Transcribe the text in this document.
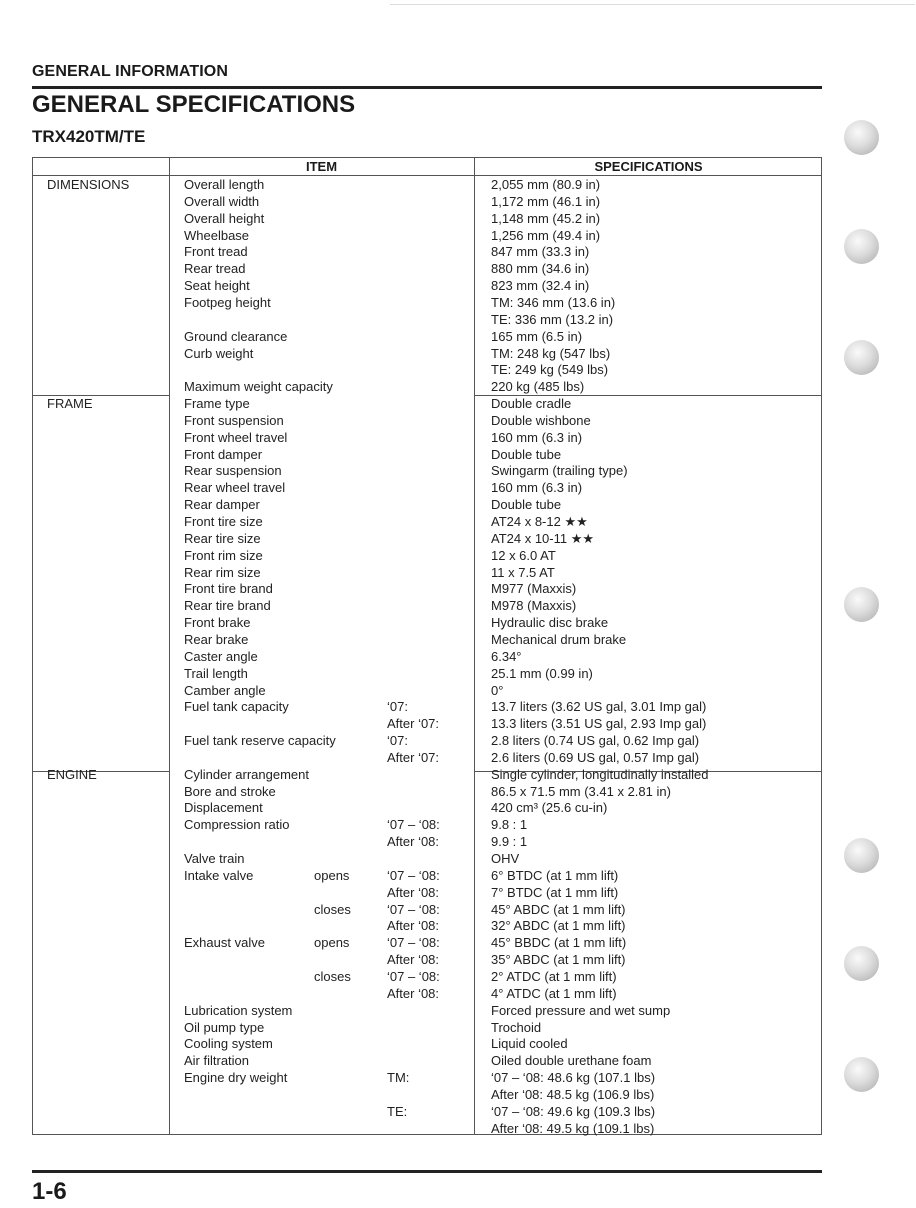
GENERAL INFORMATION
GENERAL SPECIFICATIONS
TRX420TM/TE
ITEM	SPECIFICATIONS
DIMENSIONS	Overall length	2,055 mm (80.9 in)
Overall width	1,172 mm (46.1 in)
Overall height	1,148 mm (45.2 in)
Wheelbase	1,256 mm (49.4 in)
Front tread	847 mm (33.3 in)
Rear tread	880 mm (34.6 in)
Seat height	823 mm (32.4 in)
Footpeg height	TM: 346 mm (13.6 in)
TE: 336 mm (13.2 in)
Ground clearance	165 mm (6.5 in)
Curb weight	TM: 248 kg (547 lbs)
TE: 249 kg (549 lbs)
Maximum weight capacity	220 kg (485 lbs)
FRAME	Frame type	Double cradle
Front suspension	Double wishbone
Front wheel travel	160 mm (6.3 in)
Front damper	Double tube
Rear suspension	Swingarm (trailing type)
Rear wheel travel	160 mm (6.3 in)
Rear damper	Double tube
Front tire size	AT24 x 8-12 ★★
Rear tire size	AT24 x 10-11 ★★
Front rim size	12 x 6.0 AT
Rear rim size	11 x 7.5 AT
Front tire brand	M977 (Maxxis)
Rear tire brand	M978 (Maxxis)
Front brake	Hydraulic disc brake
Rear brake	Mechanical drum brake
Caster angle	6.34°
Trail length	25.1 mm (0.99 in)
Camber angle	0°
Fuel tank capacity	‘07:	13.7 liters (3.62 US gal, 3.01 Imp gal)
After ‘07:	13.3 liters (3.51 US gal, 2.93 Imp gal)
Fuel tank reserve capacity	‘07:	2.8 liters (0.74 US gal, 0.62 Imp gal)
After ‘07:	2.6 liters (0.69 US gal, 0.57 Imp gal)
ENGINE	Cylinder arrangement	Single cylinder, longitudinally installed
Bore and stroke	86.5 x 71.5 mm (3.41 x 2.81 in)
Displacement	420 cm³ (25.6 cu-in)
Compression ratio	‘07 – ‘08:	9.8 : 1
After ‘08:	9.9 : 1
Valve train	OHV
Intake valve	opens	‘07 – ‘08:	6° BTDC (at 1 mm lift)
After ‘08:	7° BTDC (at 1 mm lift)
closes	‘07 – ‘08:	45° ABDC (at 1 mm lift)
After ‘08:	32° ABDC (at 1 mm lift)
Exhaust valve	opens	‘07 – ‘08:	45° BBDC (at 1 mm lift)
After ‘08:	35° ABDC (at 1 mm lift)
closes	‘07 – ‘08:	2° ATDC (at 1 mm lift)
After ‘08:	4° ATDC (at 1 mm lift)
Lubrication system	Forced pressure and wet sump
Oil pump type	Trochoid
Cooling system	Liquid cooled
Air filtration	Oiled double urethane foam
Engine dry weight	TM:	‘07 – ‘08: 48.6 kg (107.1 lbs)
After ‘08: 48.5 kg (106.9 lbs)
TE:	‘07 – ‘08: 49.6 kg (109.3 lbs)
After ‘08: 49.5 kg (109.1 lbs)
1-6
